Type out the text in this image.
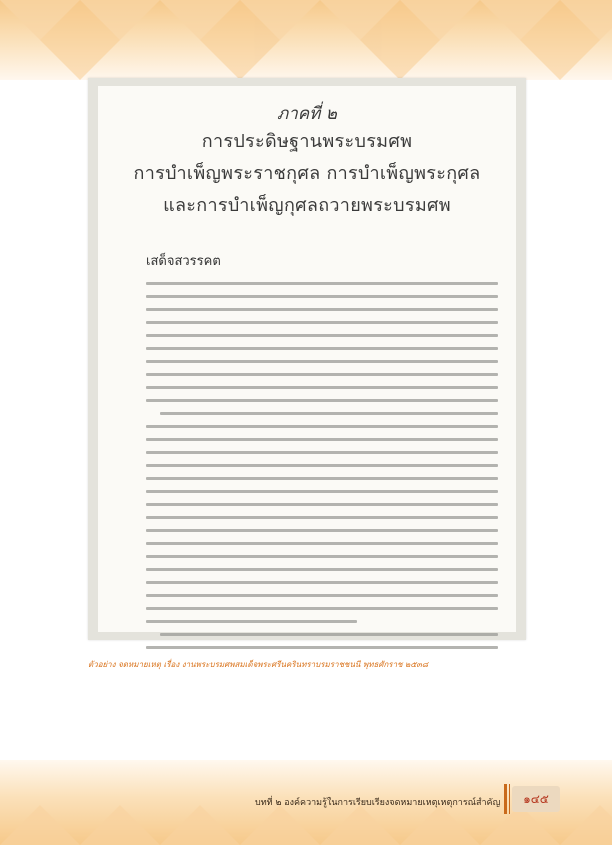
ภาคที่ ๒
การประดิษฐานพระบรมศพ
การบำเพ็ญพระราชกุศล การบำเพ็ญพระกุศล
และการบำเพ็ญกุศลถวายพระบรมศพ
เสด็จสวรรคต
ตัวอย่าง จดหมายเหตุ เรื่อง งานพระบรมศพสมเด็จพระศรีนครินทราบรมราชชนนี พุทธศักราช ๒๕๓๘
บทที่ ๒ องค์ความรู้ในการเรียบเรียงจดหมายเหตุเหตุการณ์สำคัญ	๑๔๕
